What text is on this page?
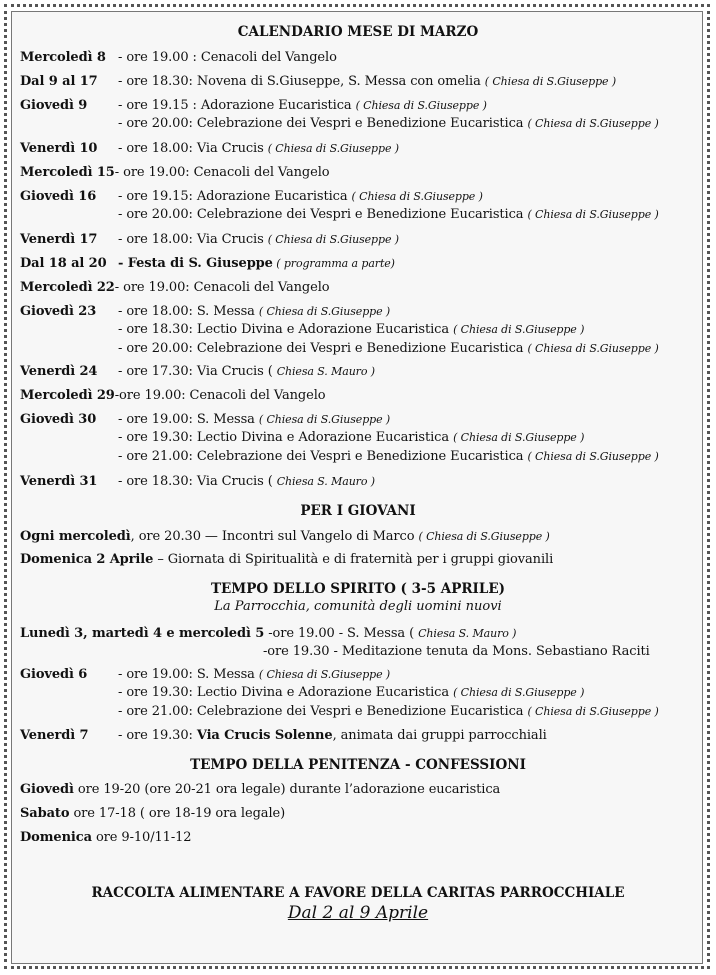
CALENDARIO MESE DI MARZO
Mercoledì 8 - ore 19.00 : Cenacoli del Vangelo
Dal 9 al 17 - ore 18.30: Novena di S.Giuseppe, S. Messa con omelia ( Chiesa di S.Giuseppe )
Giovedì 9 - ore 19.15 : Adorazione Eucaristica ( Chiesa di S.Giuseppe )
- ore 20.00: Celebrazione dei Vespri e Benedizione Eucaristica ( Chiesa di S.Giuseppe )
Venerdì 10 - ore 18.00: Via Crucis ( Chiesa di S.Giuseppe )
Mercoledì 15- ore 19.00: Cenacoli del Vangelo
Giovedì 16 - ore 19.15: Adorazione Eucaristica ( Chiesa di S.Giuseppe )
- ore 20.00: Celebrazione dei Vespri e Benedizione Eucaristica ( Chiesa di S.Giuseppe )
Venerdì 17 - ore 18.00: Via Crucis ( Chiesa di S.Giuseppe )
Dal 18 al 20 - Festa di S. Giuseppe ( programma a parte)
Mercoledì 22- ore 19.00: Cenacoli del Vangelo
Giovedì 23 - ore 18.00: S. Messa ( Chiesa di S.Giuseppe )
- ore 18.30: Lectio Divina e Adorazione Eucaristica ( Chiesa di S.Giuseppe )
- ore 20.00: Celebrazione dei Vespri e Benedizione Eucaristica ( Chiesa di S.Giuseppe )
Venerdì 24 - ore 17.30: Via Crucis ( Chiesa S. Mauro )
Mercoledì 29-ore 19.00: Cenacoli del Vangelo
Giovedì 30 - ore 19.00: S. Messa ( Chiesa di S.Giuseppe )
- ore 19.30: Lectio Divina e Adorazione Eucaristica ( Chiesa di S.Giuseppe )
- ore 21.00: Celebrazione dei Vespri e Benedizione Eucaristica ( Chiesa di S.Giuseppe )
Venerdì 31 - ore 18.30: Via Crucis ( Chiesa S. Mauro )
PER I GIOVANI
Ogni mercoledì, ore 20.30 — Incontri sul Vangelo di Marco ( Chiesa di S.Giuseppe )
Domenica 2 Aprile – Giornata di Spiritualità e di fraternità per i gruppi giovanili
TEMPO DELLO SPIRITO ( 3-5 APRILE)
La Parrocchia, comunità degli uomini nuovi
Lunedì 3, martedì 4 e mercoledì 5 -ore 19.00 - S. Messa ( Chiesa S. Mauro )
-ore 19.30 - Meditazione tenuta da Mons. Sebastiano Raciti
Giovedì 6 - ore 19.00: S. Messa ( Chiesa di S.Giuseppe )
- ore 19.30: Lectio Divina e Adorazione Eucaristica ( Chiesa di S.Giuseppe )
- ore 21.00: Celebrazione dei Vespri e Benedizione Eucaristica ( Chiesa di S.Giuseppe )
Venerdì 7 - ore 19.30: Via Crucis Solenne, animata dai gruppi parrocchiali
TEMPO DELLA PENITENZA - CONFESSIONI
Giovedì ore 19-20 (ore 20-21 ora legale) durante l’adorazione eucaristica
Sabato ore 17-18 ( ore 18-19 ora legale)
Domenica ore 9-10/11-12
RACCOLTA ALIMENTARE A FAVORE DELLA CARITAS PARROCCHIALE
Dal 2 al 9 Aprile
